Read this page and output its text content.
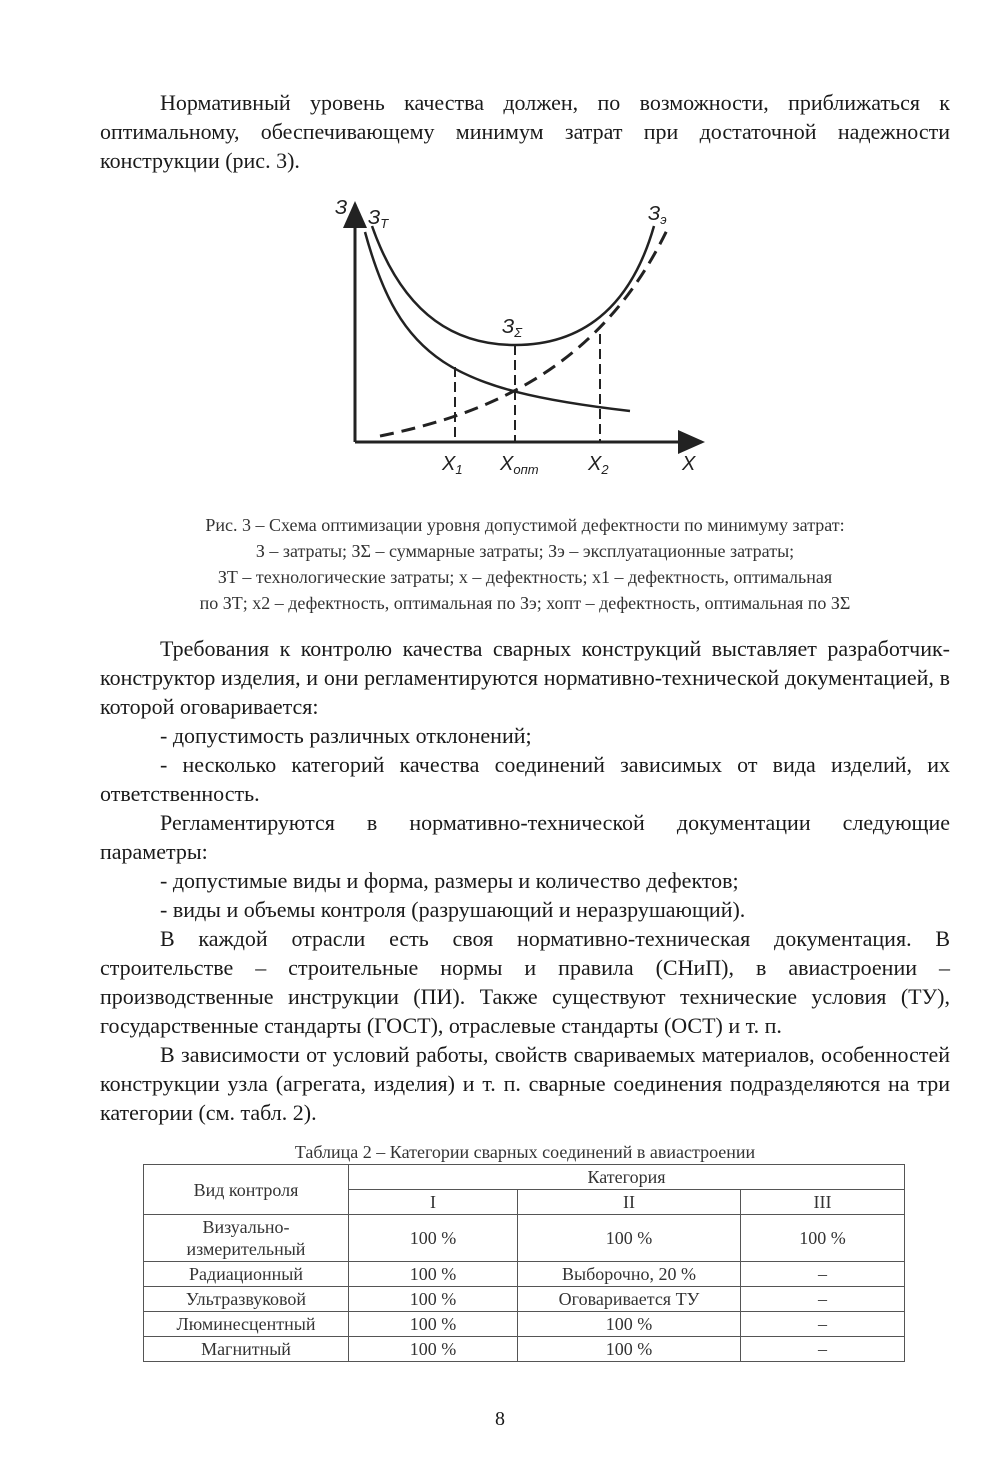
Нормативный уровень качества должен, по возможности, приближаться к оптимальному, обеспечивающему минимум затрат при достаточной надежности конструкции (рис. 3).

З $З_Т$	$З_э$
$З_\Sigma$
$Х_1$ $Х_{опт}$ $Х_2$	Х
Рис. 3 – Схема оптимизации уровня допустимой дефектности по минимуму затрат:
З – затраты; ЗΣ – суммарные затраты; Зэ – эксплуатационные затраты;
ЗТ – технологические затраты; х – дефектность; х1 – дефектность, оптимальная
по ЗТ; х2 – дефектность, оптимальная по Зэ; хопт – дефектность, оптимальная по ЗΣ

Требования к контролю качества сварных конструкций выставляет разработчик-конструктор изделия, и они регламентируются нормативно-технической документацией, в которой оговаривается:

- допустимость различных отклонений;

- несколько категорий качества соединений зависимых от вида изделий, их ответственность.

Регламентируются в нормативно-технической документации следующие параметры:

- допустимые виды и форма, размеры и количество дефектов;

- виды и объемы контроля (разрушающий и неразрушающий).

В каждой отрасли есть своя нормативно-техническая документация. В строительстве – строительные нормы и правила (СНиП), в авиастроении – производственные инструкции (ПИ). Также существуют технические условия (ТУ), государственные стандарты (ГОСТ), отраслевые стандарты (ОСТ) и т. п.

В зависимости от условий работы, свойств свариваемых материалов, особенностей конструкции узла (агрегата, изделия) и т. п. сварные соединения подразделяются на три категории (см. табл. 2).

Таблица 2 – Категории сварных соединений в авиастроении
Вид контроля	Категория		
	I	II	III
Визуально-измерительный	100 %	100 %	100 %
Радиационный	100 %	Выборочно, 20 %	–
Ультразвуковой	100 %	Оговаривается ТУ	–
Люминесцентный	100 %	100 %	–
Магнитный	100 %	100 %	–
8
